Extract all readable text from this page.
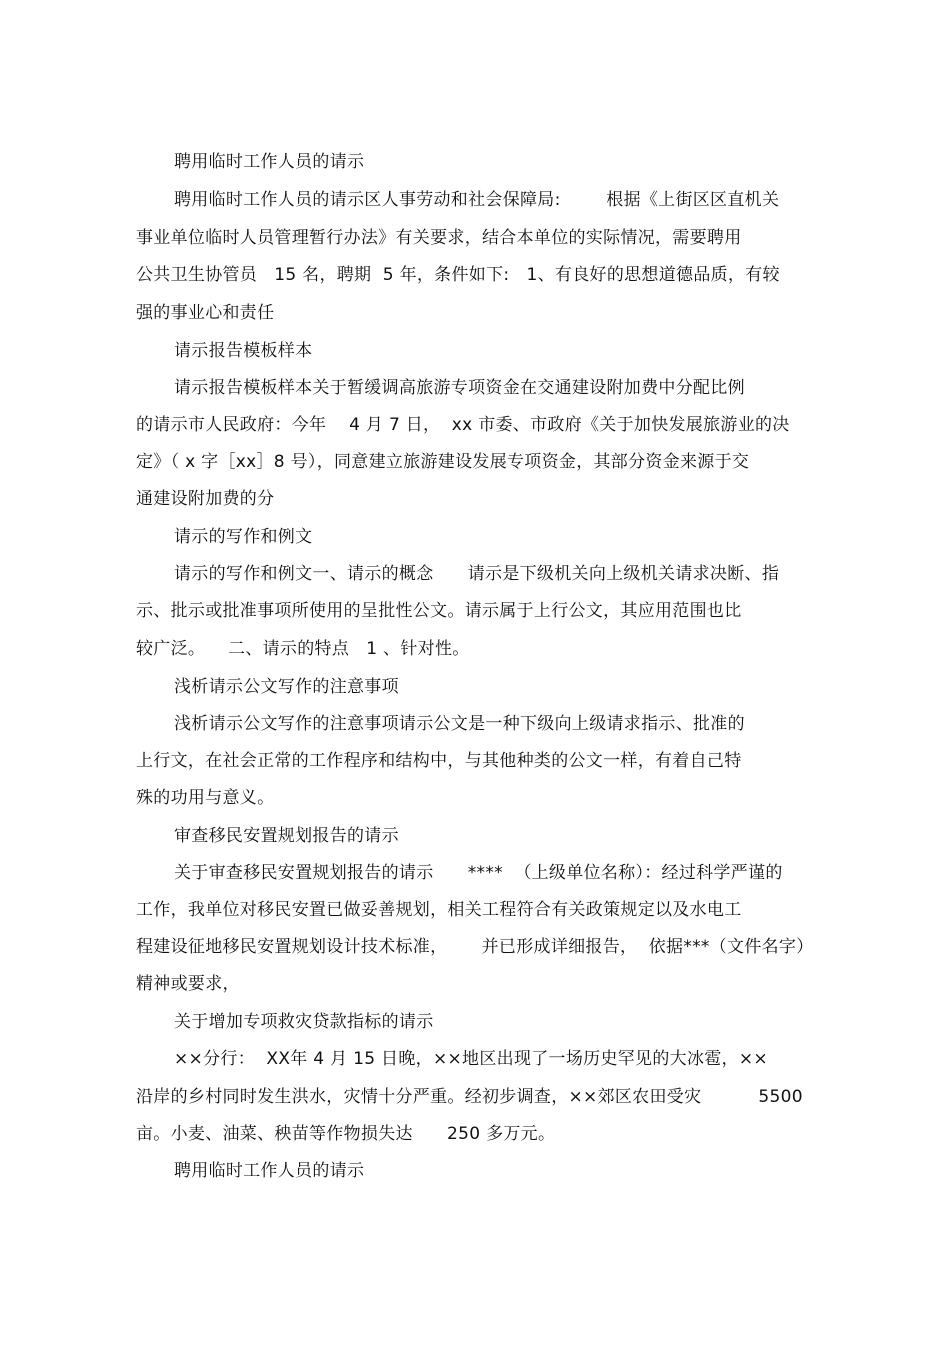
聘用临时工作人员的请示
聘用临时工作人员的请示区人事劳动和社会保障局:        根据《上街区区直机关
事业单位临时人员管理暂行办法》有关要求，结合本单位的实际情况，需要聘用
公共卫生协管员   15 名，聘期  5 年，条件如下:   1、有良好的思想道德品质，有较
强的事业心和责任
请示报告模板样本
请示报告模板样本关于暂缓调高旅游专项资金在交通建设附加费中分配比例
的请示市人民政府：今年    4 月 7 日，  xx 市委、市政府《关于加快发展旅游业的决
定》（ x 字［xx］8 号），同意建立旅游建设发展专项资金，其部分资金来源于交
通建设附加费的分
请示的写作和例文
请示的写作和例文一、请示的概念      请示是下级机关向上级机关请求决断、指
示、批示或批准事项所使用的呈批性公文。请示属于上行公文，其应用范围也比
较广泛。    二、请示的特点   1 、针对性。
浅析请示公文写作的注意事项
浅析请示公文写作的注意事项请示公文是一种下级向上级请求指示、批准的
上行文，在社会正常的工作程序和结构中，与其他种类的公文一样，有着自己特
殊的功用与意义。
审查移民安置规划报告的请示
关于审查移民安置规划报告的请示      ****  （上级单位名称）：经过科学严谨的
工作，我单位对移民安置已做妥善规划，相关工程符合有关政策规定以及水电工
程建设征地移民安置规划设计技术标准，      并已形成详细报告，  依据***（文件名字）
精神或要求，
关于增加专项救灾贷款指标的请示
××分行：  XX年 4 月 15 日晚，××地区出现了一场历史罕见的大冰雹，××
沿岸的乡村同时发生洪水，灾情十分严重。经初步调查，××郊区农田受灾          5500
亩。小麦、油菜、秧苗等作物损失达      250 多万元。
聘用临时工作人员的请示
